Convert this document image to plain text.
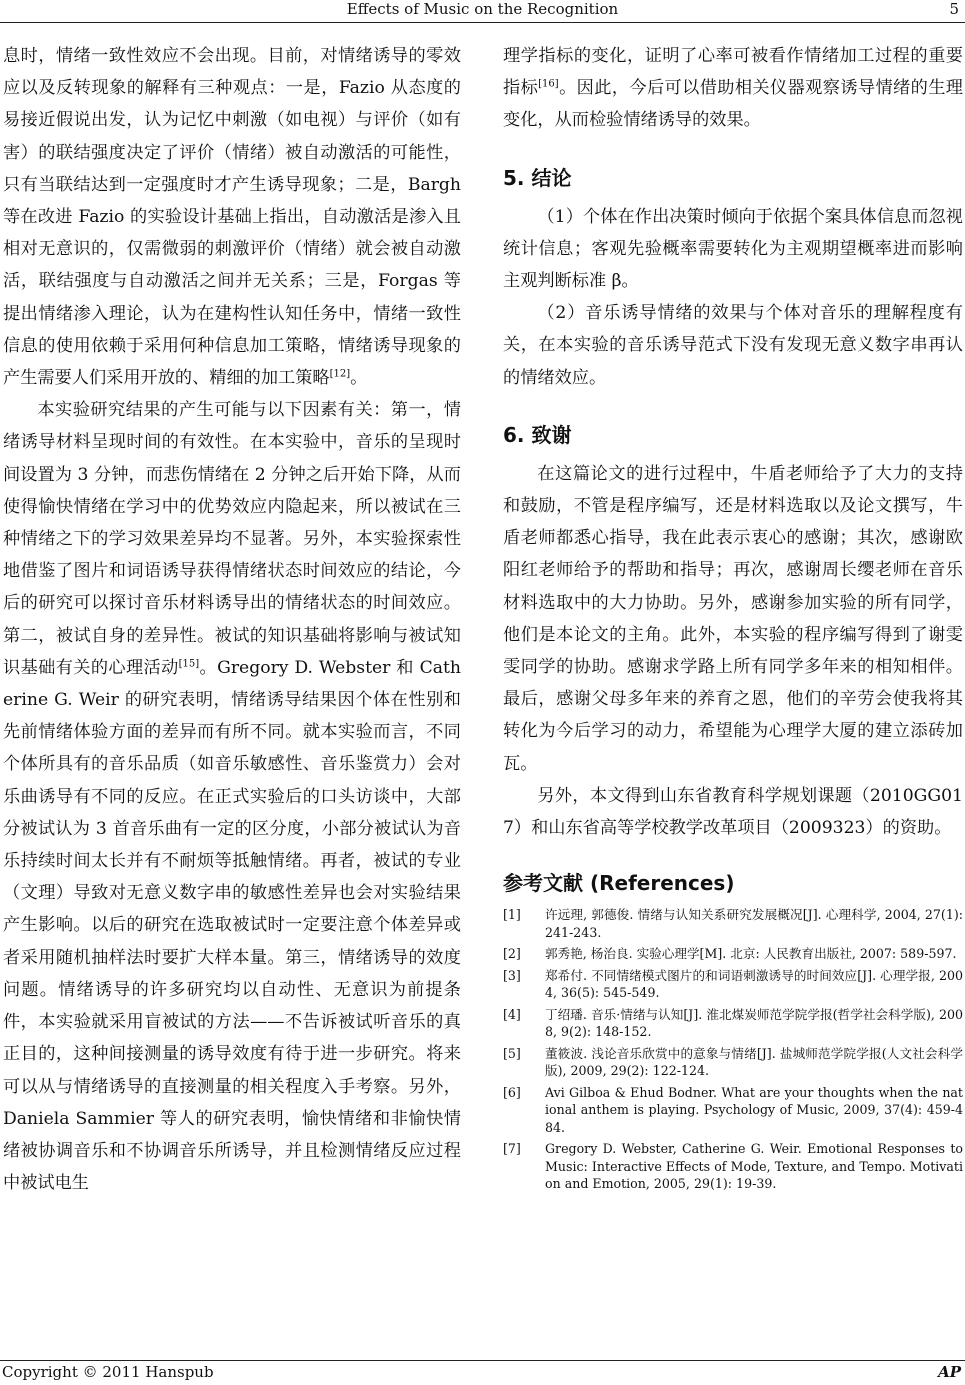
Effects of Music on the Recognition	5

息时，情绪一致性效应不会出现。目前，对情绪诱导的零效应以及反转现象的解释有三种观点：一是，Fazio 从态度的易接近假说出发，认为记忆中刺激（如电视）与评价（如有害）的联结强度决定了评价（情绪）被自动激活的可能性，只有当联结达到一定强度时才产生诱导现象；二是，Bargh 等在改进 Fazio 的实验设计基础上指出，自动激活是渗入且相对无意识的，仅需微弱的刺激评价（情绪）就会被自动激活，联结强度与自动激活之间并无关系；三是，Forgas 等提出情绪渗入理论，认为在建构性认知任务中，情绪一致性信息的使用依赖于采用何种信息加工策略，情绪诱导现象的产生需要人们采用开放的、精细的加工策略[12]。

本实验研究结果的产生可能与以下因素有关：第一，情绪诱导材料呈现时间的有效性。在本实验中，音乐的呈现时间设置为 3 分钟，而悲伤情绪在 2 分钟之后开始下降，从而使得愉快情绪在学习中的优势效应内隐起来，所以被试在三种情绪之下的学习效果差异均不显著。另外，本实验探索性地借鉴了图片和词语诱导获得情绪状态时间效应的结论，今后的研究可以探讨音乐材料诱导出的情绪状态的时间效应。第二，被试自身的差异性。被试的知识基础将影响与被试知识基础有关的心理活动[15]。Gregory D. Webster 和 Catherine G. Weir 的研究表明，情绪诱导结果因个体在性别和先前情绪体验方面的差异而有所不同。就本实验而言，不同个体所具有的音乐品质（如音乐敏感性、音乐鉴赏力）会对乐曲诱导有不同的反应。在正式实验后的口头访谈中，大部分被试认为 3 首音乐曲有一定的区分度，小部分被试认为音乐持续时间太长并有不耐烦等抵触情绪。再者，被试的专业（文理）导致对无意义数字串的敏感性差异也会对实验结果产生影响。以后的研究在选取被试时一定要注意个体差异或者采用随机抽样法时要扩大样本量。第三，情绪诱导的效度问题。情绪诱导的许多研究均以自动性、无意识为前提条件，本实验就采用盲被试的方法——不告诉被试听音乐的真正目的，这种间接测量的诱导效度有待于进一步研究。将来可以从与情绪诱导的直接测量的相关程度入手考察。另外，Daniela Sammier 等人的研究表明，愉快情绪和非愉快情绪被协调音乐和不协调音乐所诱导，并且检测情绪反应过程中被试电生

理学指标的变化，证明了心率可被看作情绪加工过程的重要指标[16]。因此，今后可以借助相关仪器观察诱导情绪的生理变化，从而检验情绪诱导的效果。

5. 结论

（1）个体在作出决策时倾向于依据个案具体信息而忽视统计信息；客观先验概率需要转化为主观期望概率进而影响主观判断标准 β。

（2）音乐诱导情绪的效果与个体对音乐的理解程度有关，在本实验的音乐诱导范式下没有发现无意义数字串再认的情绪效应。

6. 致谢

在这篇论文的进行过程中，牛盾老师给予了大力的支持和鼓励，不管是程序编写，还是材料选取以及论文撰写，牛盾老师都悉心指导，我在此表示衷心的感谢；其次，感谢欧阳红老师给予的帮助和指导；再次，感谢周长缨老师在音乐材料选取中的大力协助。另外，感谢参加实验的所有同学，他们是本论文的主角。此外，本实验的程序编写得到了谢雯雯同学的协助。感谢求学路上所有同学多年来的相知相伴。最后，感谢父母多年来的养育之恩，他们的辛劳会使我将其转化为今后学习的动力，希望能为心理学大厦的建立添砖加瓦。

另外，本文得到山东省教育科学规划课题（2010GG017）和山东省高等学校教学改革项目（2009323）的资助。

参考文献 (References)
[1]	许远理, 郭德俊. 情绪与认知关系研究发展概况[J]. 心理科学, 2004, 27(1): 241-243.
[2]	郭秀艳, 杨治良. 实验心理学[M]. 北京: 人民教育出版社, 2007: 589-597.
[3]	郑希付. 不同情绪模式图片的和词语刺激诱导的时间效应[J]. 心理学报, 2004, 36(5): 545-549.
[4]	丁绍璠. 音乐·情绪与认知[J]. 淮北煤炭师范学院学报(哲学社会科学版), 2008, 9(2): 148-152.
[5]	董筱波. 浅论音乐欣赏中的意象与情绪[J]. 盐城师范学院学报(人文社会科学版), 2009, 29(2): 122-124.
[6]	Avi Gilboa & Ehud Bodner. What are your thoughts when the national anthem is playing. Psychology of Music, 2009, 37(4): 459-484.
[7]	Gregory D. Webster, Catherine G. Weir. Emotional Responses to Music: Interactive Effects of Mode, Texture, and Tempo. Motivation and Emotion, 2005, 29(1): 19-39.
Copyright © 2011 Hanspub	AP
